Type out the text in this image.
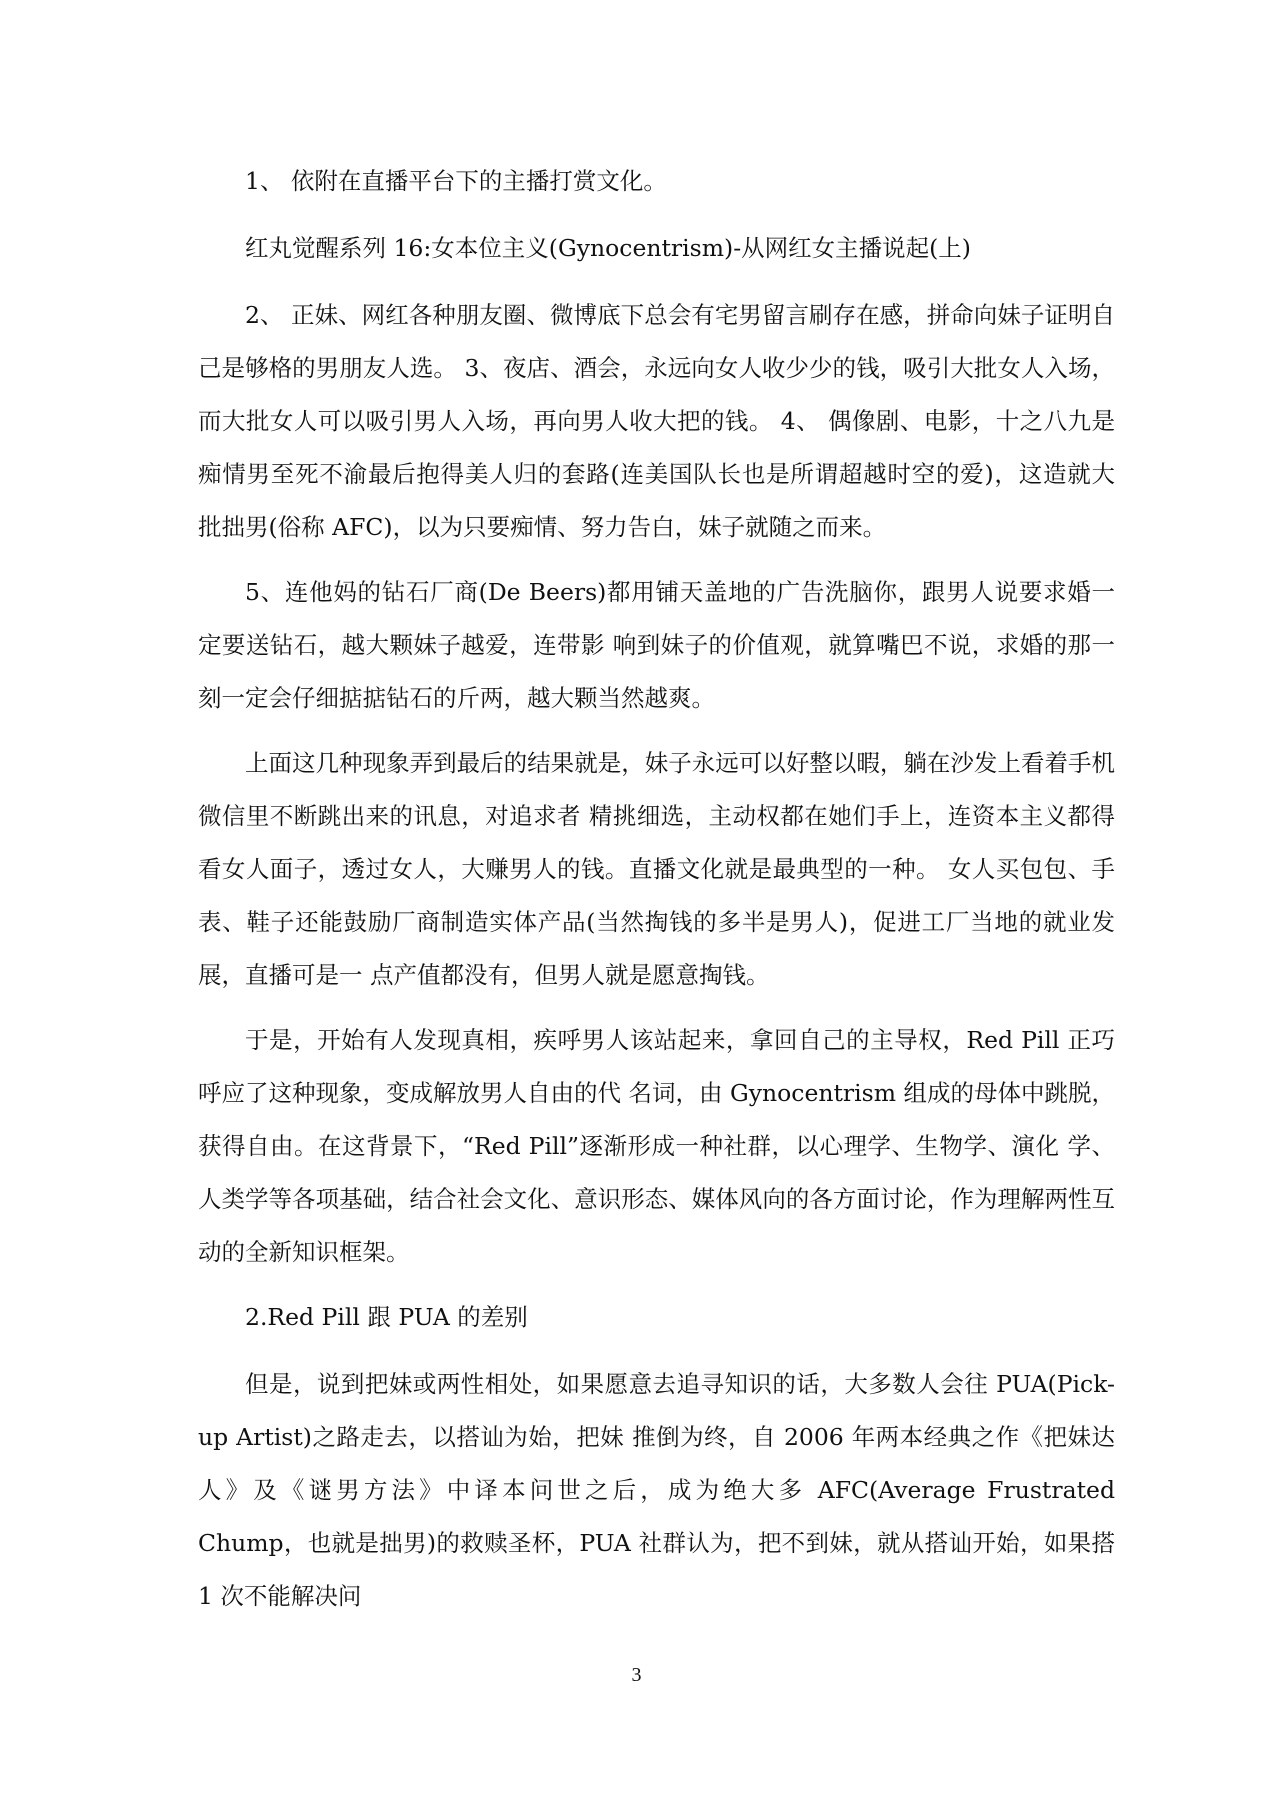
1、 依附在直播平台下的主播打赏文化。

红丸觉醒系列 16:女本位主义(Gynocentrism)-从网红女主播说起(上)

2、 正妹、网红各种朋友圈、微博底下总会有宅男留言刷存在感，拼命向妹子证明自己是够格的男朋友人选。 3、夜店、酒会，永远向女人收少少的钱，吸引大批女人入场，而大批女人可以吸引男人入场，再向男人收大把的钱。 4、 偶像剧、电影，十之八九是痴情男至死不渝最后抱得美人归的套路(连美国队长也是所谓超越时空的爱)，这造就大 批拙男(俗称 AFC)，以为只要痴情、努力告白，妹子就随之而来。

5、连他妈的钻石厂商(De Beers)都用铺天盖地的广告洗脑你，跟男人说要求婚一定要送钻石，越大颗妹子越爱，连带影 响到妹子的价值观，就算嘴巴不说，求婚的那一刻一定会仔细掂掂钻石的斤两，越大颗当然越爽。

上面这几种现象弄到最后的结果就是，妹子永远可以好整以暇，躺在沙发上看着手机微信里不断跳出来的讯息，对追求者 精挑细选，主动权都在她们手上，连资本主义都得看女人面子，透过女人，大赚男人的钱。直播文化就是最典型的一种。 女人买包包、手表、鞋子还能鼓励厂商制造实体产品(当然掏钱的多半是男人)，促进工厂当地的就业发展，直播可是一 点产值都没有，但男人就是愿意掏钱。

于是，开始有人发现真相，疾呼男人该站起来，拿回自己的主导权，Red Pill 正巧呼应了这种现象，变成解放男人自由的代 名词，由 Gynocentrism 组成的母体中跳脱，获得自由。在这背景下，“Red Pill”逐渐形成一种社群，以心理学、生物学、演化 学、人类学等各项基础，结合社会文化、意识形态、媒体风向的各方面讨论，作为理解两性互动的全新知识框架。

2.Red Pill 跟 PUA 的差别

但是，说到把妹或两性相处，如果愿意去追寻知识的话，大多数人会往 PUA(Pick-up Artist)之路走去，以搭讪为始，把妹 推倒为终，自 2006 年两本经典之作《把妹达人》及《谜男方法》中译本问世之后，成为绝大多 AFC(Average Frustrated Chump，也就是拙男)的救赎圣杯，PUA 社群认为，把不到妹，就从搭讪开始，如果搭 1 次不能解决问

3
